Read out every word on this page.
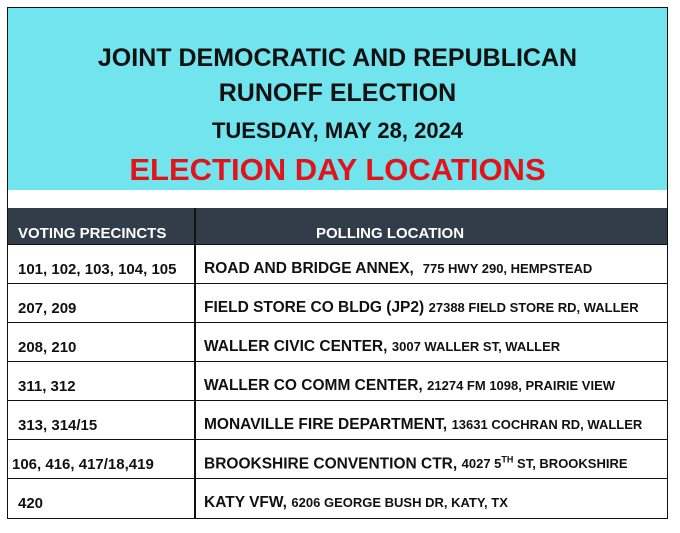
JOINT DEMOCRATIC AND REPUBLICAN
RUNOFF ELECTION
TUESDAY, MAY 28, 2024
ELECTION DAY LOCATIONS
VOTING PRECINCTS	POLLING LOCATION
101, 102, 103, 104, 105 ROAD AND BRIDGE ANNEX, 775 HWY 290, HEMPSTEAD
207, 209	FIELD STORE CO BLDG (JP2) 27388 FIELD STORE RD, WALLER
208, 210	WALLER CIVIC CENTER, 3007 WALLER ST, WALLER
311, 312	WALLER CO COMM CENTER, 21274 FM 1098, PRAIRIE VIEW
313, 314/15	MONAVILLE FIRE DEPARTMENT, 13631 COCHRAN RD, WALLER
106, 416, 417/18,419	BROOKSHIRE CONVENTION CTR, 4027 5TH ST, BROOKSHIRE
420	KATY VFW, 6206 GEORGE BUSH DR, KATY, TX
